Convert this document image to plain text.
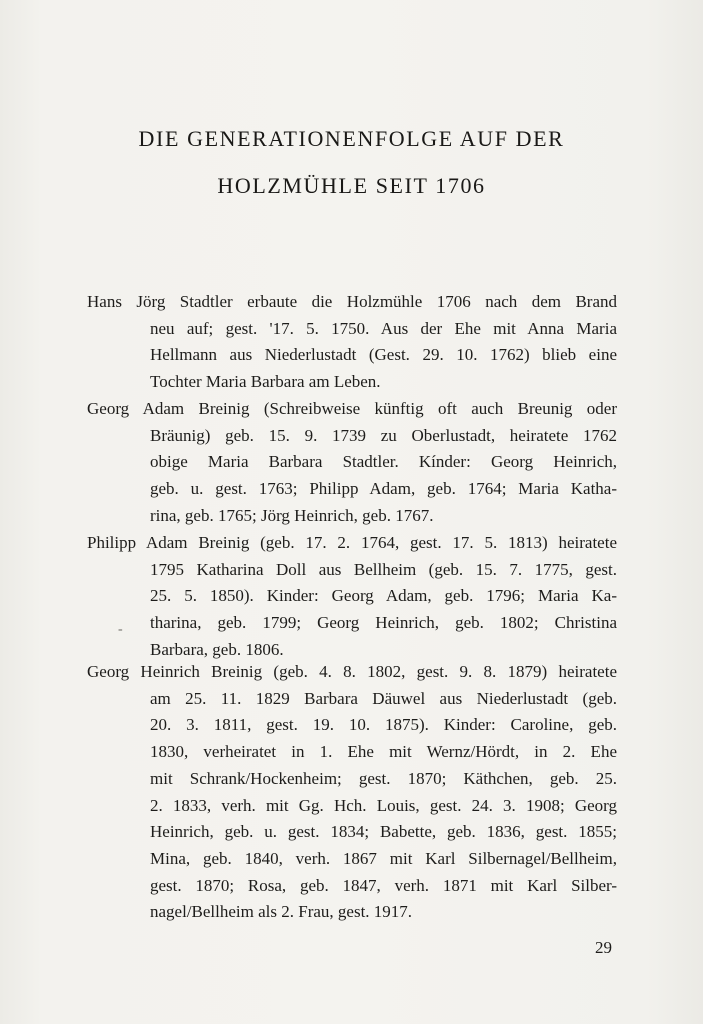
DIE GENERATIONENFOLGE AUF DER
HOLZMÜHLE SEIT 1706
Hans Jörg Stadtler erbaute die Holzmühle 1706 nach dem Brand
neu auf; gest. '17. 5. 1750. Aus der Ehe mit Anna Maria
Hellmann aus Niederlustadt (Gest. 29. 10. 1762) blieb eine
Tochter Maria Barbara am Leben.
Georg Adam Breinig (Schreibweise künftig oft auch Breunig oder
Bräunig) geb. 15. 9. 1739 zu Oberlustadt, heiratete 1762
obige Maria Barbara Stadtler. Kínder: Georg Heinrich,
geb. u. gest. 1763; Philipp Adam, geb. 1764; Maria Katha-
rina, geb. 1765; Jörg Heinrich, geb. 1767.
Philipp Adam Breinig (geb. 17. 2. 1764, gest. 17. 5. 1813) heiratete
1795 Katharina Doll aus Bellheim (geb. 15. 7. 1775, gest.
25. 5. 1850). Kinder: Georg Adam, geb. 1796; Maria Ka-
tharina, geb. 1799; Georg Heinrich, geb. 1802; Christina
Barbara, geb. 1806.
-
Georg Heinrich Breinig (geb. 4. 8. 1802, gest. 9. 8. 1879) heiratete
am 25. 11. 1829 Barbara Däuwel aus Niederlustadt (geb.
20. 3. 1811, gest. 19. 10. 1875). Kinder: Caroline, geb.
1830, verheiratet in 1. Ehe mit Wernz/Hördt, in 2. Ehe
mit Schrank/Hockenheim; gest. 1870; Käthchen, geb. 25.
2. 1833, verh. mit Gg. Hch. Louis, gest. 24. 3. 1908; Georg
Heinrich, geb. u. gest. 1834; Babette, geb. 1836, gest. 1855;
Mina, geb. 1840, verh. 1867 mit Karl Silbernagel/Bellheim,
gest. 1870; Rosa, geb. 1847, verh. 1871 mit Karl Silber-
nagel/Bellheim als 2. Frau, gest. 1917.
29
